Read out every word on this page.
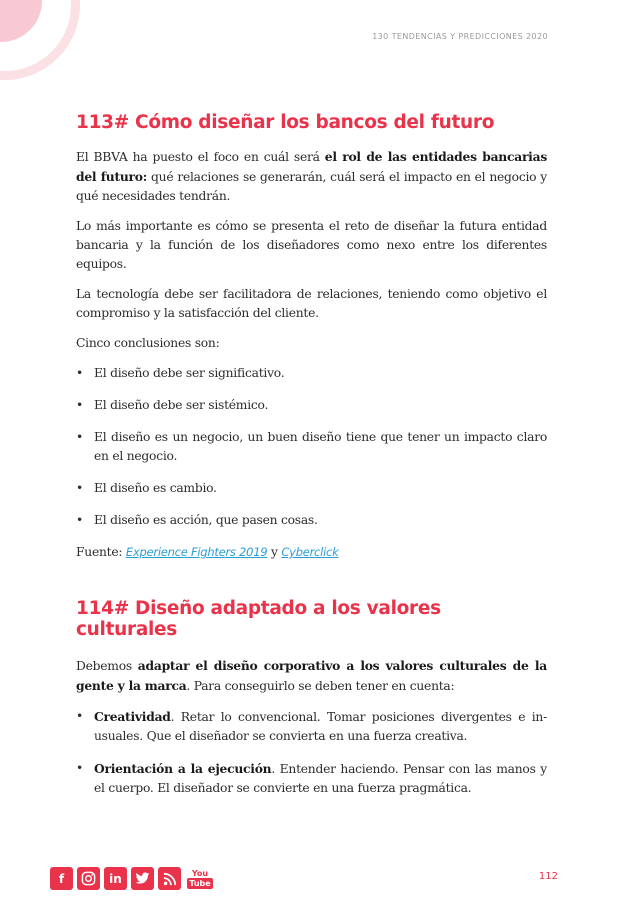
130 TENDENCIAS Y PREDICCIONES 2020
113# Cómo diseñar los bancos del futuro

El BBVA ha puesto el foco en cuál será el rol de las entidades bancarias del futuro: qué relaciones se generarán, cuál será el impacto en el negocio y qué necesidades tendrán.

Lo más importante es cómo se presenta el reto de diseñar la futura entidad bancaria y la función de los diseñadores como nexo entre los diferentes equipos.

La tecnología debe ser facilitadora de relaciones, teniendo como objetivo el compromiso y la satisfacción del cliente.

Cinco conclusiones son:

• El diseño debe ser significativo.
• El diseño debe ser sistémico.
• El diseño es un negocio, un buen diseño tiene que tener un impacto claro en el negocio.
• El diseño es cambio.
• El diseño es acción, que pasen cosas.

Fuente: Experience Fighters 2019 y Cyberclick

114# Diseño adaptado a los valores culturales

Debemos adaptar el diseño corporativo a los valores culturales de la gente y la marca. Para conseguirlo se deben tener en cuenta:

• Creatividad. Retar lo convencional. Tomar posiciones divergentes e in-usuales. Que el diseñador se convierta en una fuerza creativa.
• Orientación a la ejecución. Entender haciendo. Pensar con las manos y el cuerpo. El diseñador se convierte en una fuerza pragmática.
f	in	You
Tube
112
